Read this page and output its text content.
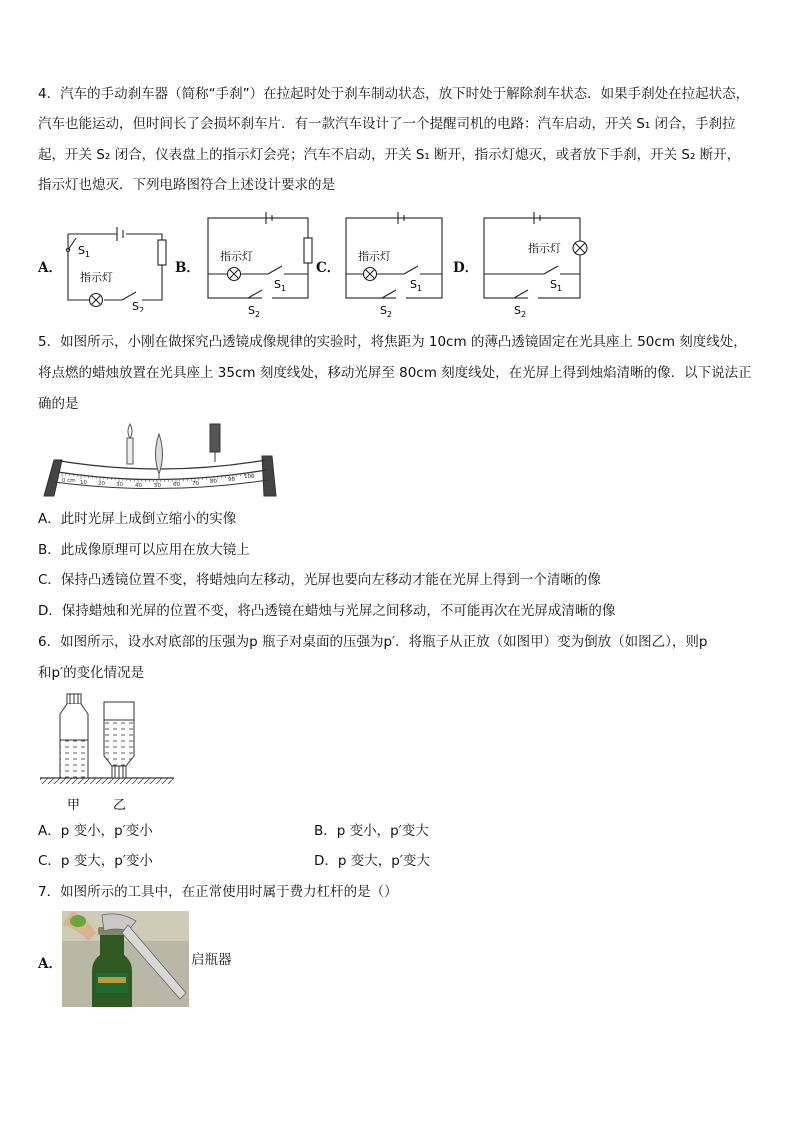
4．汽车的手动刹车器（简称“手刹”）在拉起时处于刹车制动状态，放下时处于解除刹车状态．如果手刹处在拉起状态，
汽车也能运动，但时间长了会损坏刹车片．有一款汽车设计了一个提醒司机的电路：汽车启动，开关 S₁ 闭合，手刹拉
起，开关 S₂ 闭合，仪表盘上的指示灯会亮；汽车不启动，开关 S₁ 断开，指示灯熄灭，或者放下手刹，开关 S₂ 断开，
指示灯也熄灭．下列电路图符合上述设计要求的是
A．	B．	C．	D．
$S_1$
指示灯
$S_2$
指示灯
$S_1$
$S_2$
指示灯
$S_1$
$S_2$
指示灯
$S_1$
$S_2$
5．如图所示，小刚在做探究凸透镜成像规律的实验时，将焦距为 10cm 的薄凸透镜固定在光具座上 50cm 刻度线处，
将点燃的蜡烛放置在光具座上 35cm 刻度线处，移动光屏至 80cm 刻度线处，在光屏上得到烛焰清晰的像．以下说法正
确的是
0 cm 10 20 30 40 50 60 70 80 90 100
A．此时光屏上成倒立缩小的实像
B．此成像原理可以应用在放大镜上
C．保持凸透镜位置不变，将蜡烛向左移动，光屏也要向左移动才能在光屏上得到一个清晰的像
D．保持蜡烛和光屏的位置不变，将凸透镜在蜡烛与光屏之间移动，不可能再次在光屏成清晰的像
6．如图所示，设水对底部的压强为p 瓶子对桌面的压强为p′．将瓶子从正放（如图甲）变为倒放（如图乙），则p
和p′的变化情况是
甲	乙
A．p 变小，p′变小	B．p 变小，p′变大
C．p 变大，p′变小	D．p 变大，p′变大
7．如图所示的工具中，在正常使用时属于费力杠杆的是（）
A．	启瓶器
